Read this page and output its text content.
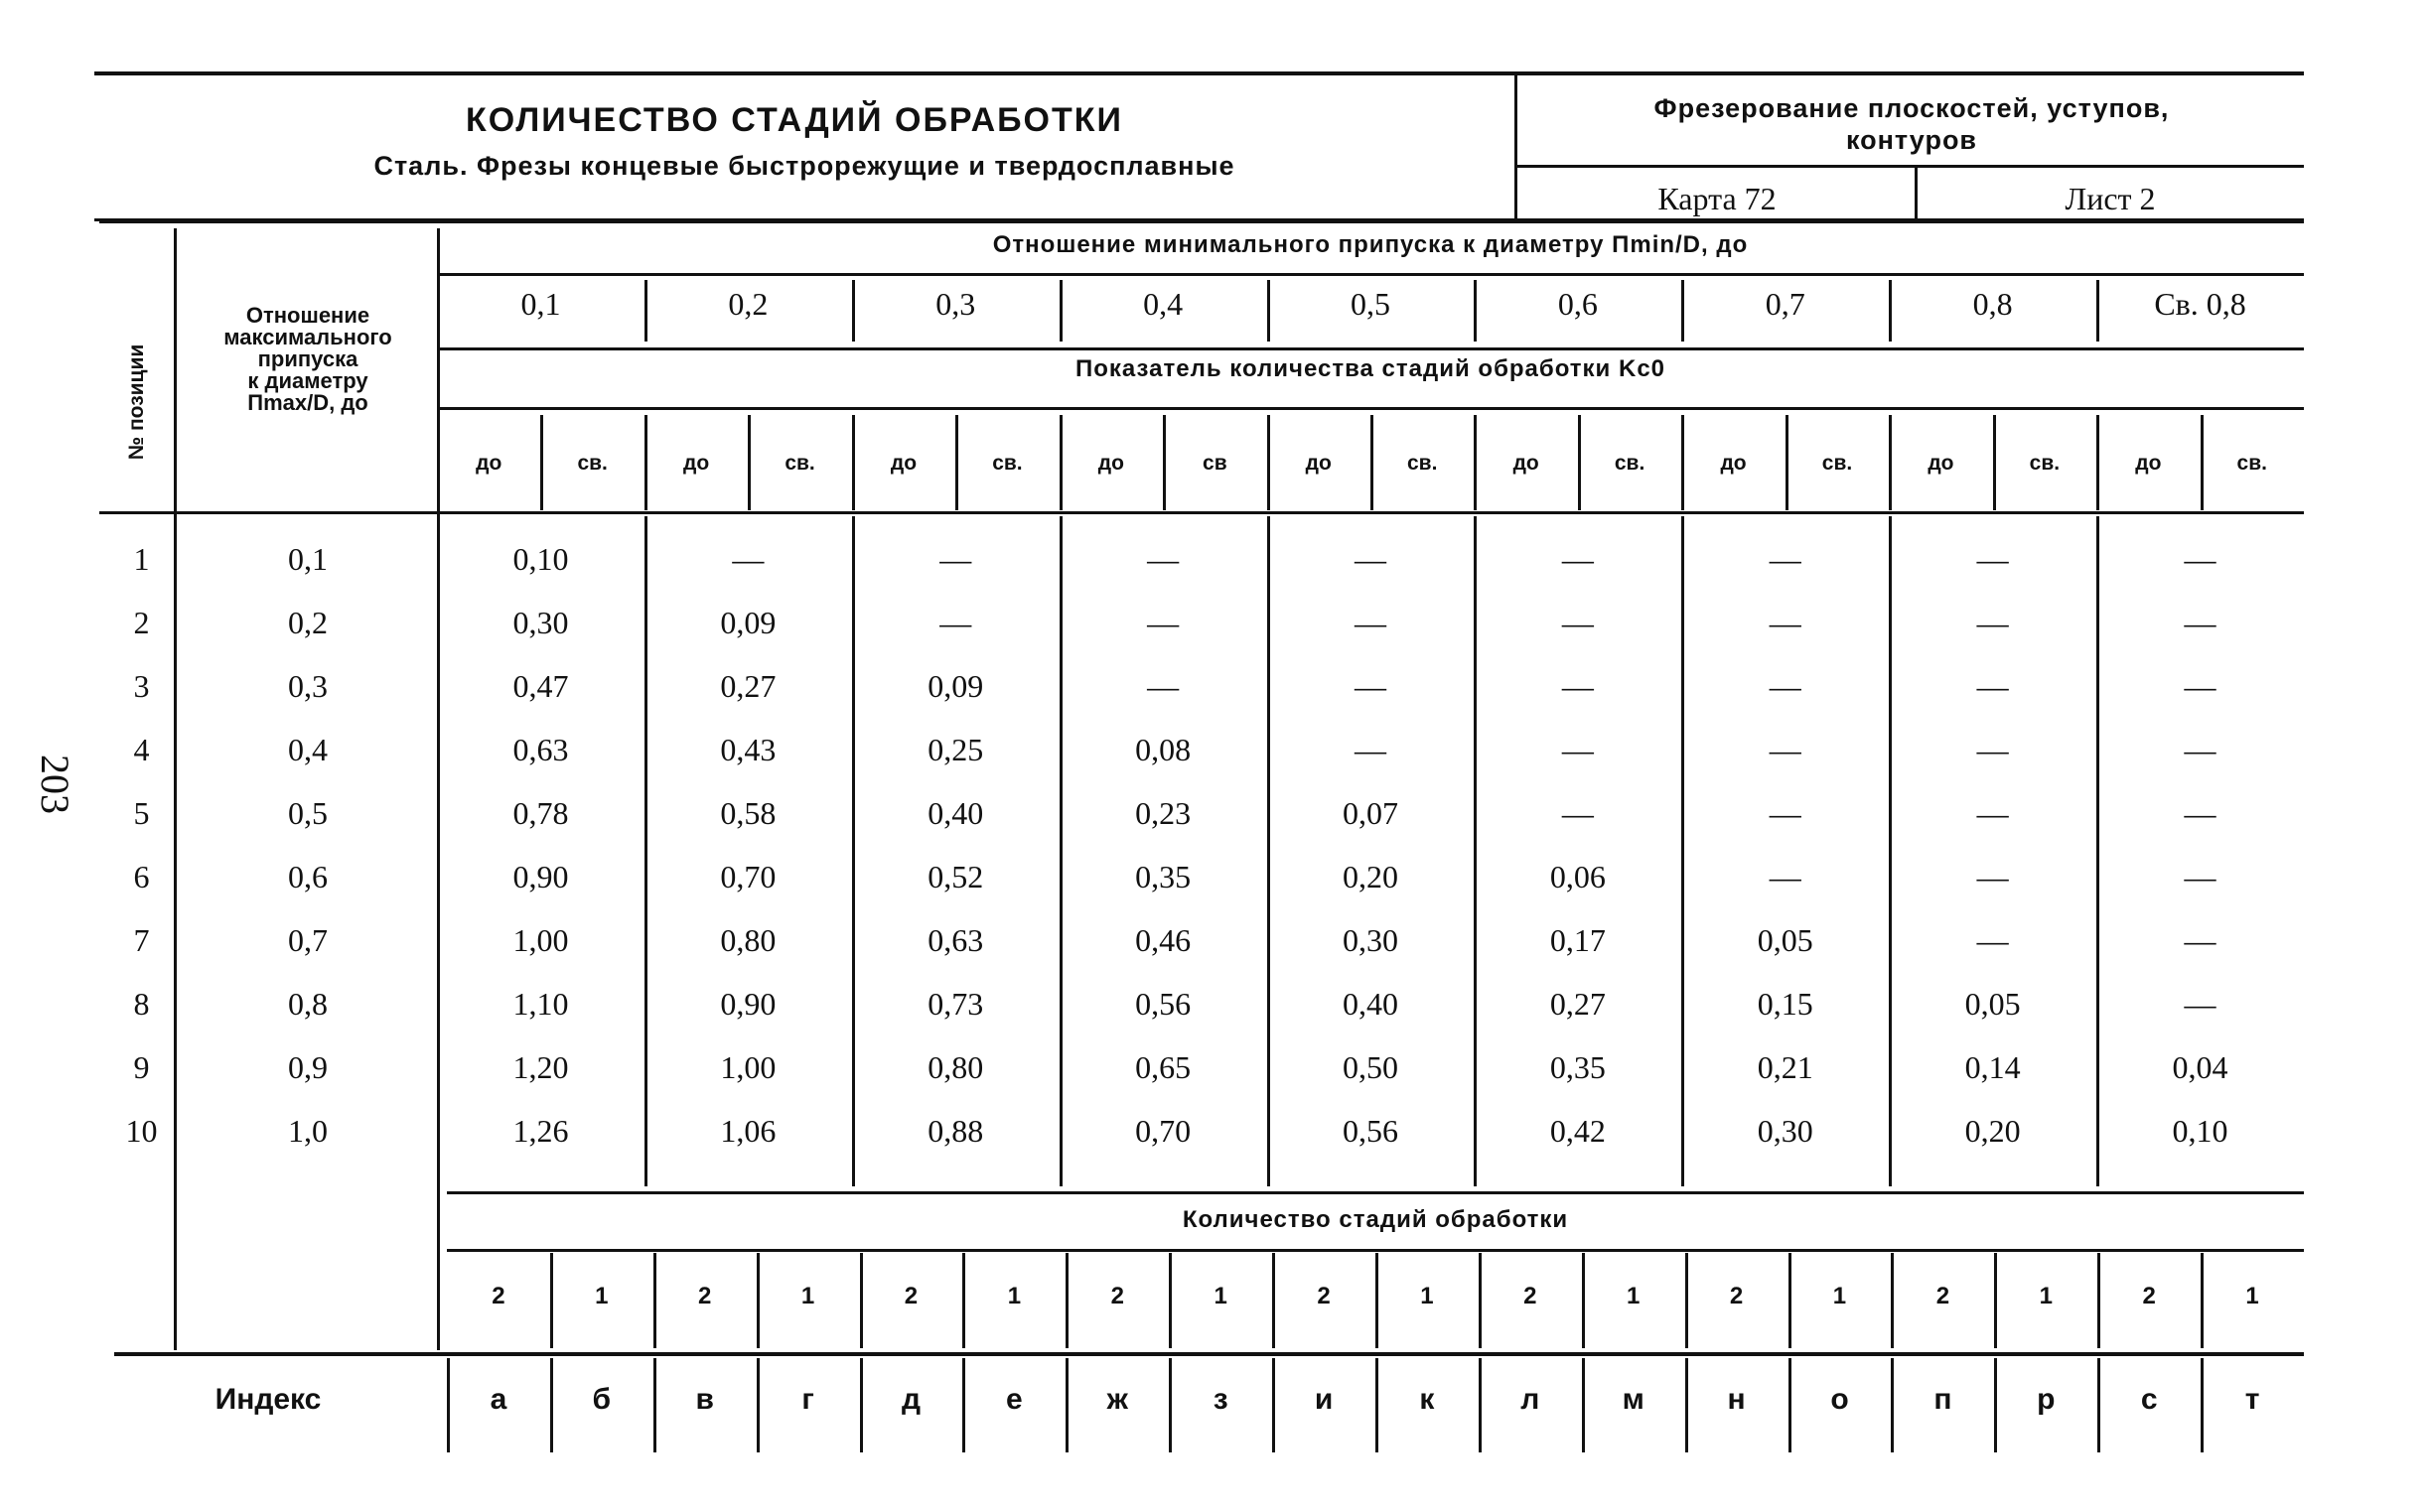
203
КОЛИЧЕСТВО СТАДИЙ ОБРАБОТКИ
Сталь. Фрезы концевые быстрорежущие и твердосплавные
Фрезерование плоскостей, уступов,
контуров
Карта 72	Лист 2
№ позиции
Отношение
максимального
припуска
к диаметру
Пmax/D, до
Отношение минимального припуска к диаметру Пmin/D, до
0,1	0,2	0,3	0,4	0,5	0,6	0,7	0,8	Св. 0,8
Показатель количества стадий обработки Kс0
до	св.	до	св.	до	св.	до	св	до	св.	до	св.	до	св.	до	св.	до	св.
1	0,1	0,10	—	—	—	—	—	—	—	—
2	0,2	0,30	0,09	—	—	—	—	—	—	—
3	0,3	0,47	0,27	0,09	—	—	—	—	—	—
4	0,4	0,63	0,43	0,25	0,08	—	—	—	—	—
5	0,5	0,78	0,58	0,40	0,23	0,07	—	—	—	—
6	0,6	0,90	0,70	0,52	0,35	0,20	0,06	—	—	—
7	0,7	1,00	0,80	0,63	0,46	0,30	0,17	0,05	—	—
8	0,8	1,10	0,90	0,73	0,56	0,40	0,27	0,15	0,05	—
9	0,9	1,20	1,00	0,80	0,65	0,50	0,35	0,21	0,14	0,04
10	1,0	1,26	1,06	0,88	0,70	0,56	0,42	0,30	0,20	0,10
Количество стадий обработки
2	1	2	1	2	1	2	1	2	1	2	1	2	1	2	1	2	1
Индекс	а	б	в	г	д	е	ж	з	и	к	л	м	н	о	п	р	с	т
